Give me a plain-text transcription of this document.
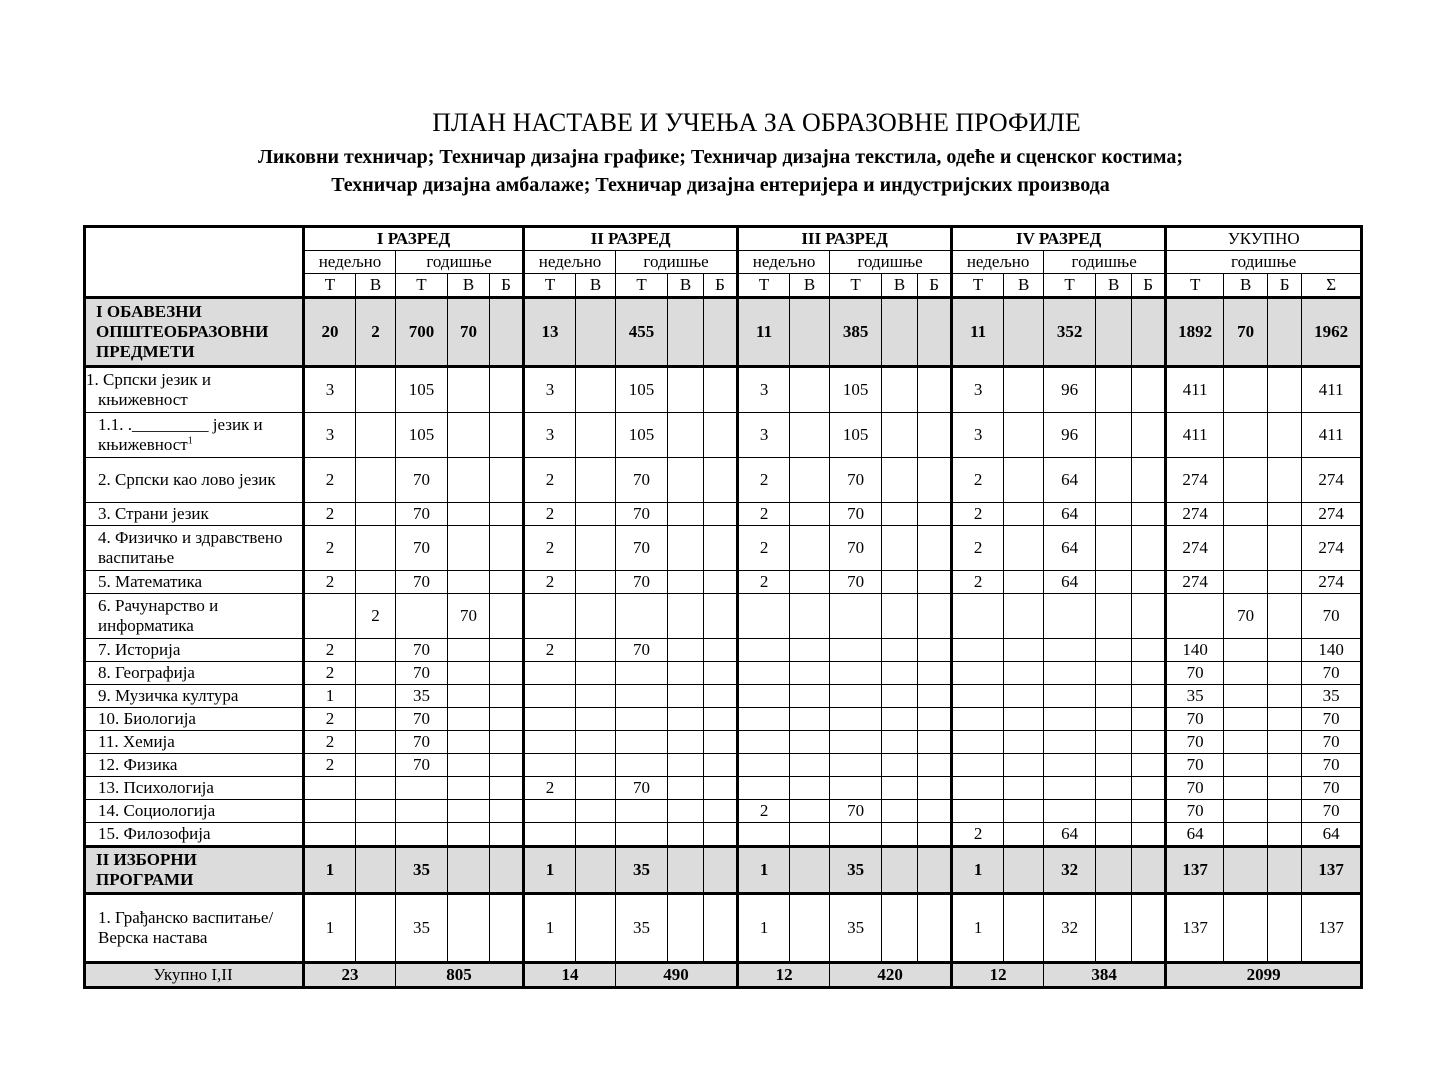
ПЛАН НАСТАВЕ И УЧЕЊА ЗА ОБРАЗОВНЕ ПРОФИЛЕ
Ликовни техничар; Техничар дизајна графике; Техничар дизајна текстила, одеће и сценског костима;
Техничар дизајна амбалаже; Техничар дизајна ентеријера и индустријских производа
	I РАЗРЕД					II РАЗРЕД					III РАЗРЕД					IV РАЗРЕД					УКУПНО			
	недељно		годишње			недељно		годишње			недељно		годишње			недељно		годишње			годишње			
	Т	В	Т	В	Б	Т	В	Т	В	Б	Т	В	Т	В	Б	Т	В	Т	В	Б	Т	В	Б	Σ
I ОБАВЕЗНИ ОПШТЕОБРАЗОВНИ ПРЕДМЕТИ	20	2	700	70		13		455			11		385			11		352			1892	70		1962

1. Српски језик и књижевност	3		105			3		105			3		105			3		96			411			411
1.1. ._________ језик и књижевност$^1$	3		105			3		105			3		105			3		96			411			411
2. Српски као лово језик	2		70			2		70			2		70			2		64			274			274
3. Страни језик	2		70			2		70			2		70			2		64			274			274
4. Физичко и здравствено васпитање	2		70			2		70			2		70			2		64			274			274
5. Математика	2		70			2		70			2		70			2		64			274			274
6. Рачунарство и информатика		2		70																		70		70
7. Историја	2		70			2		70													140			140
8. Географија	2		70																		70			70
9. Музичка култура	1		35																		35			35
10. Биологија	2		70																		70			70
11. Хемија	2		70																		70			70
12. Физика	2		70																		70			70
13. Психологија						2		70													70			70
14. Социологија											2		70								70			70
15. Филозофија																2		64			64			64
II ИЗБОРНИ ПРОГРАМИ	1		35			1		35			1		35			1		32			137			137
1. Грађанско васпитање/Верска настава	1		35			1		35			1		35			1		32			137			137
Укупно I,II	23		805			14		490			12		420			12		384			2099			
